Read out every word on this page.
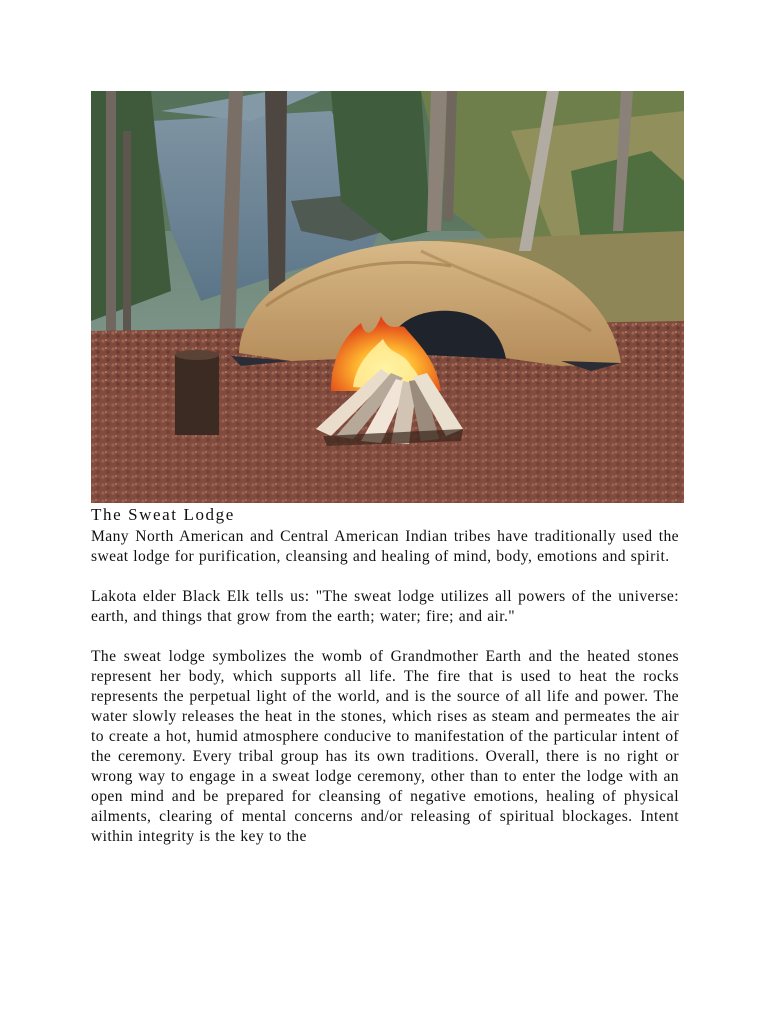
The Sweat Lodge

Many North American and Central American Indian tribes have traditionally used the sweat lodge for purification, cleansing and healing of mind, body, emotions and spirit.

Lakota elder Black Elk tells us: "The sweat lodge utilizes all powers of the universe: earth, and things that grow from the earth; water; fire; and air."

The sweat lodge symbolizes the womb of Grandmother Earth and the heated stones represent her body, which supports all life. The fire that is used to heat the rocks represents the perpetual light of the world, and is the source of all life and power. The water slowly releases the heat in the stones, which rises as steam and permeates the air to create a hot, humid atmosphere conducive to manifestation of the particular intent of the ceremony. Every tribal group has its own traditions. Overall, there is no right or wrong way to engage in a sweat lodge ceremony, other than to enter the lodge with an open mind and be prepared for cleansing of negative emotions, healing of physical ailments, clearing of mental concerns and/or releasing of spiritual blockages. Intent within integrity is the key to the
